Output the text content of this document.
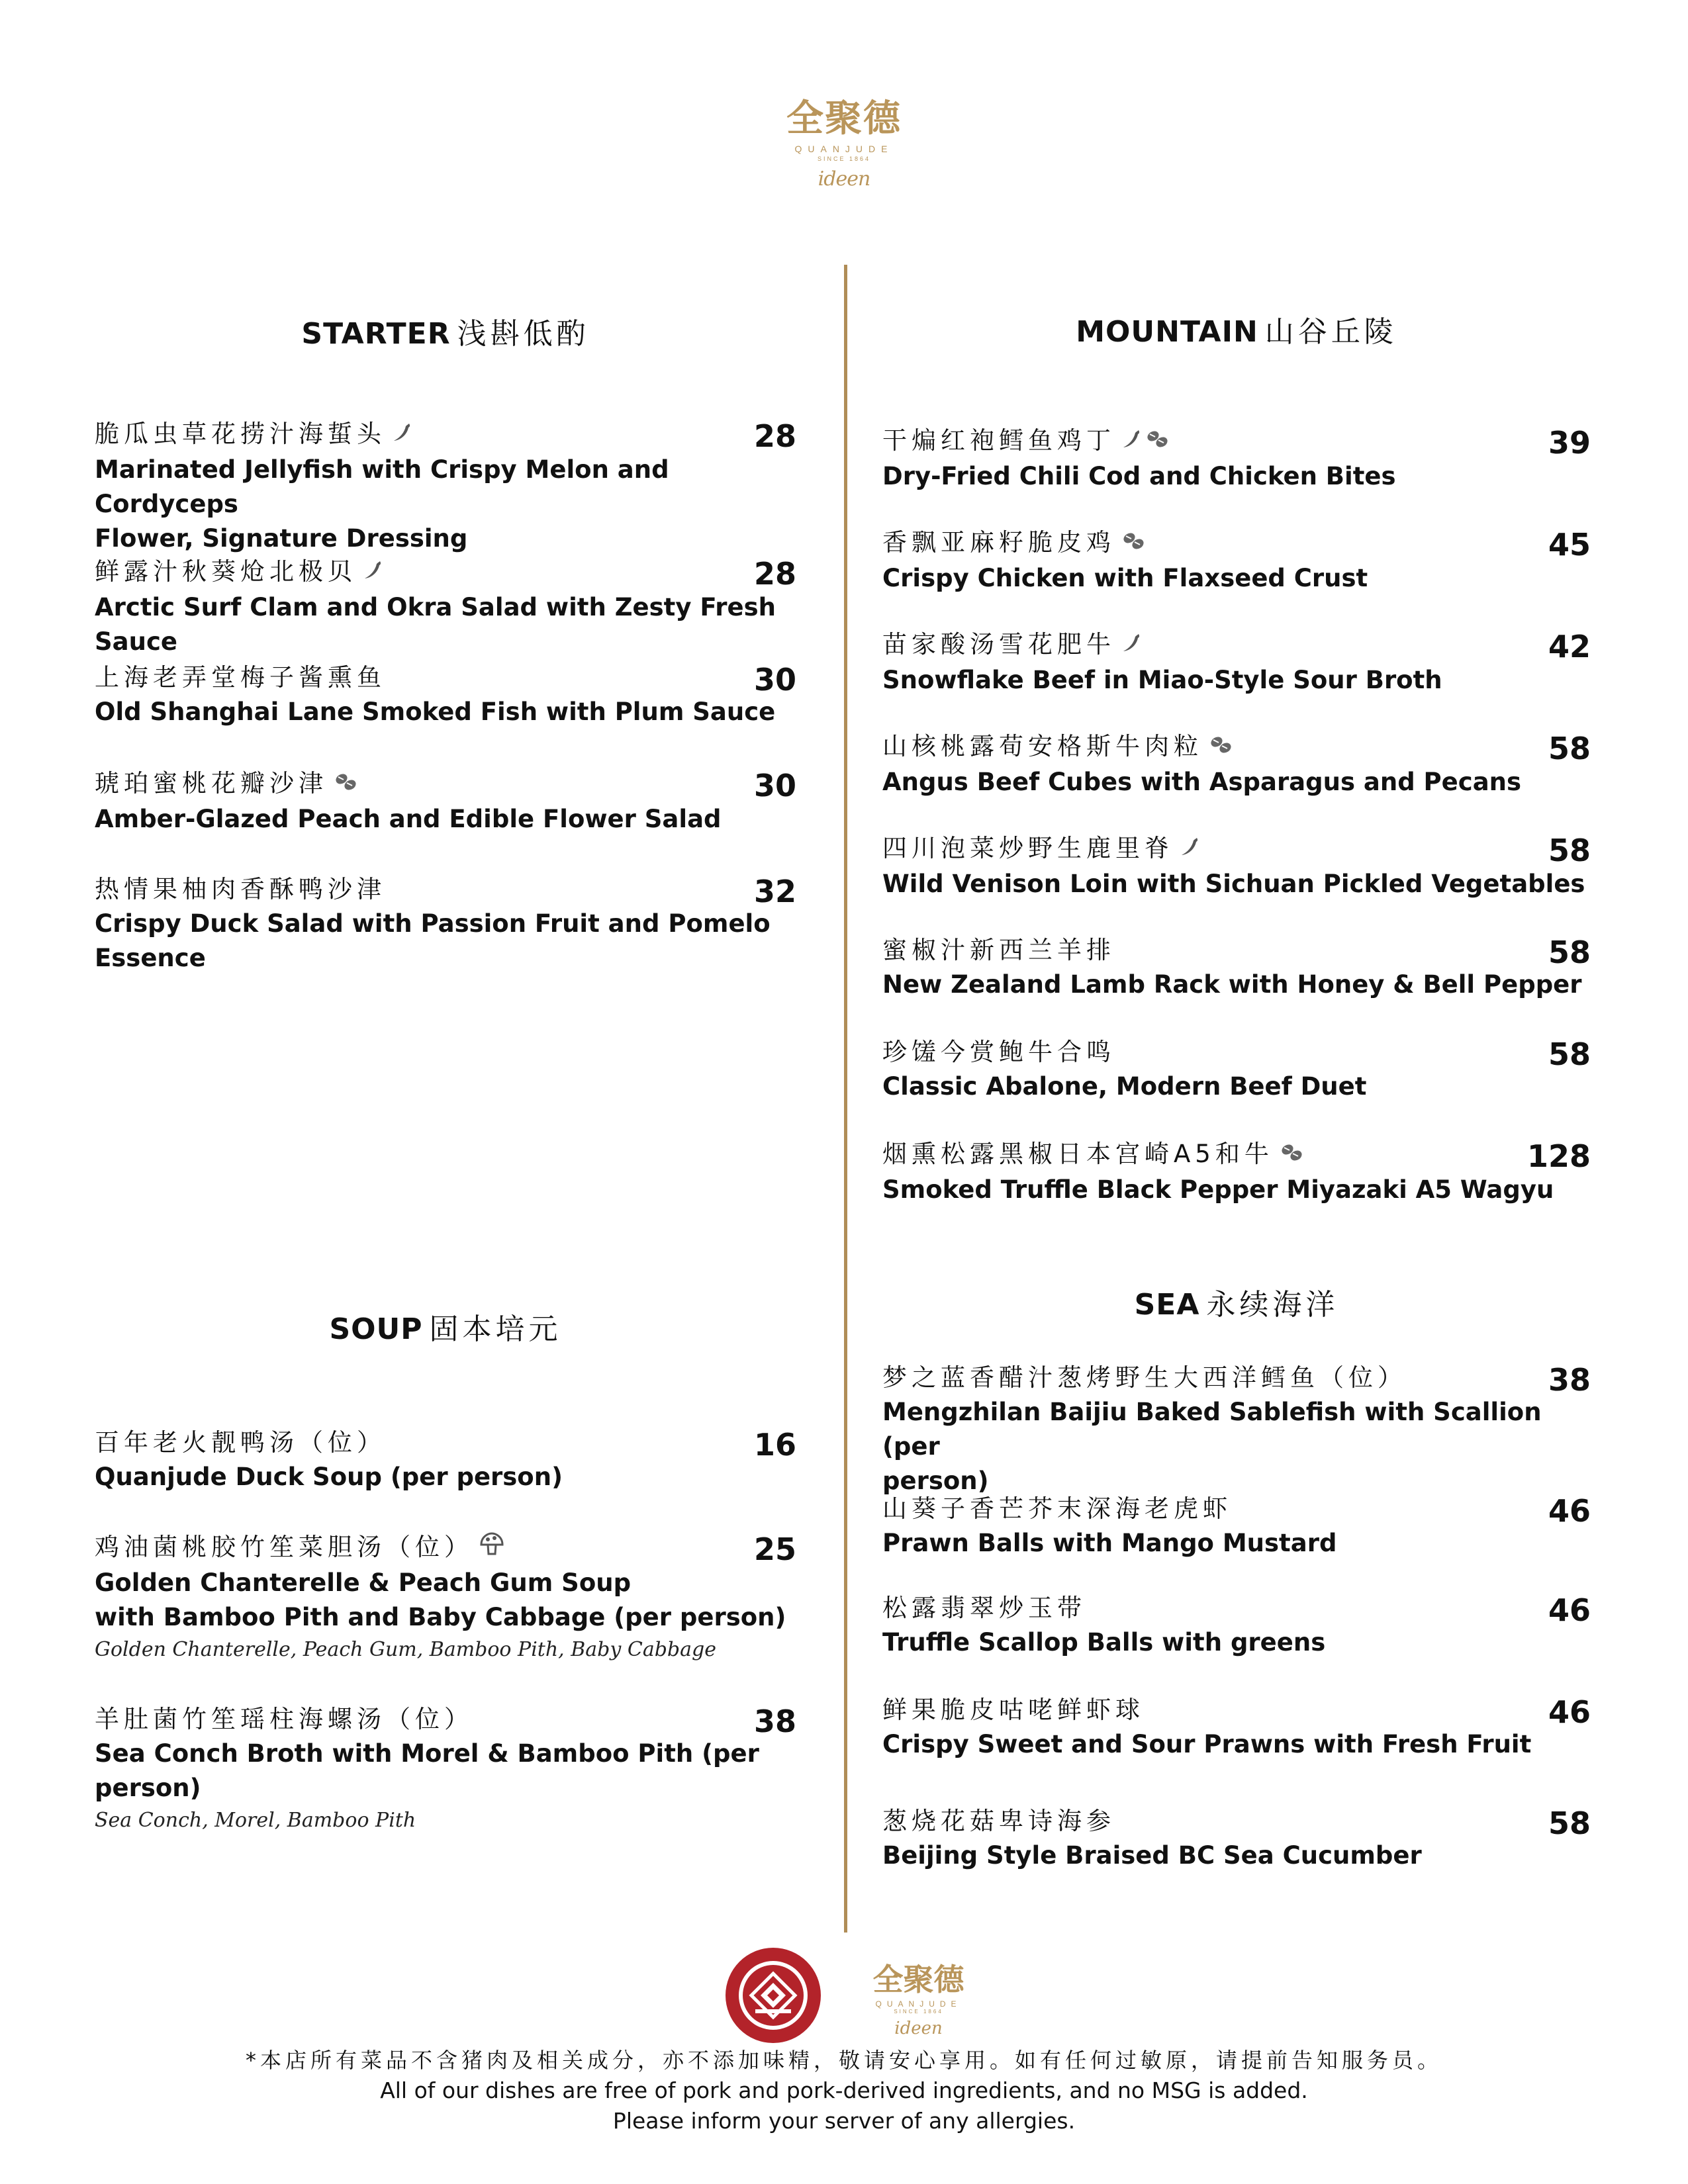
全聚德
QUANJUDE
SINCE 1864
ideen
STARTER 浅斟低酌
脆瓜虫草花捞汁海蜇头
Marinated Jellyfish with Crispy Melon and Cordyceps
Flower, Signature Dressing
28
鲜露汁秋葵炝北极贝
Arctic Surf Clam and Okra Salad with Zesty Fresh Sauce
28
上海老弄堂梅子酱熏鱼
Old Shanghai Lane Smoked Fish with Plum Sauce
30
琥珀蜜桃花瓣沙津
Amber-Glazed Peach and Edible Flower Salad
30
热情果柚肉香酥鸭沙津
Crispy Duck Salad with Passion Fruit and Pomelo
Essence
32
SOUP 固本培元
百年老火靓鸭汤（位）
Quanjude Duck Soup (per person)
16
鸡油菌桃胶竹笙菜胆汤（位）
Golden Chanterelle & Peach Gum Soup
with Bamboo Pith and Baby Cabbage (per person)
Golden Chanterelle, Peach Gum, Bamboo Pith, Baby Cabbage
25
羊肚菌竹笙瑶柱海螺汤（位）
Sea Conch Broth with Morel & Bamboo Pith (per person)
Sea Conch, Morel, Bamboo Pith
38
MOUNTAIN 山谷丘陵
干煸红袍鳕鱼鸡丁
Dry-Fried Chili Cod and Chicken Bites
39
香飘亚麻籽脆皮鸡
Crispy Chicken with Flaxseed Crust
45
苗家酸汤雪花肥牛
Snowflake Beef in Miao-Style Sour Broth
42
山核桃露荀安格斯牛肉粒
Angus Beef Cubes with Asparagus and Pecans
58
四川泡菜炒野生鹿里脊
Wild Venison Loin with Sichuan Pickled Vegetables
58
蜜椒汁新西兰羊排
New Zealand Lamb Rack with Honey & Bell Pepper
58
珍馐今赏鲍牛合鸣
Classic Abalone, Modern Beef Duet
58
烟熏松露黑椒日本宫崎A5和牛
Smoked Truffle Black Pepper Miyazaki A5 Wagyu
128
SEA 永续海洋
梦之蓝香醋汁葱烤野生大西洋鳕鱼（位）
Mengzhilan Baijiu Baked Sablefish with Scallion (per
person)
38
山葵子香芒芥末深海老虎虾
Prawn Balls with Mango Mustard
46
松露翡翠炒玉带
Truffle Scallop Balls with greens
46
鲜果脆皮咕咾鲜虾球
Crispy Sweet and Sour Prawns with Fresh Fruit
46
葱烧花菇卑诗海参
Beijing Style Braised BC Sea Cucumber
58

全聚德
QUANJUDE
SINCE 1864
ideen
*本店所有菜品不含猪肉及相关成分，亦不添加味精，敬请安心享用。如有任何过敏原，请提前告知服务员。
All of our dishes are free of pork and pork-derived ingredients, and no MSG is added.
Please inform your server of any allergies.
